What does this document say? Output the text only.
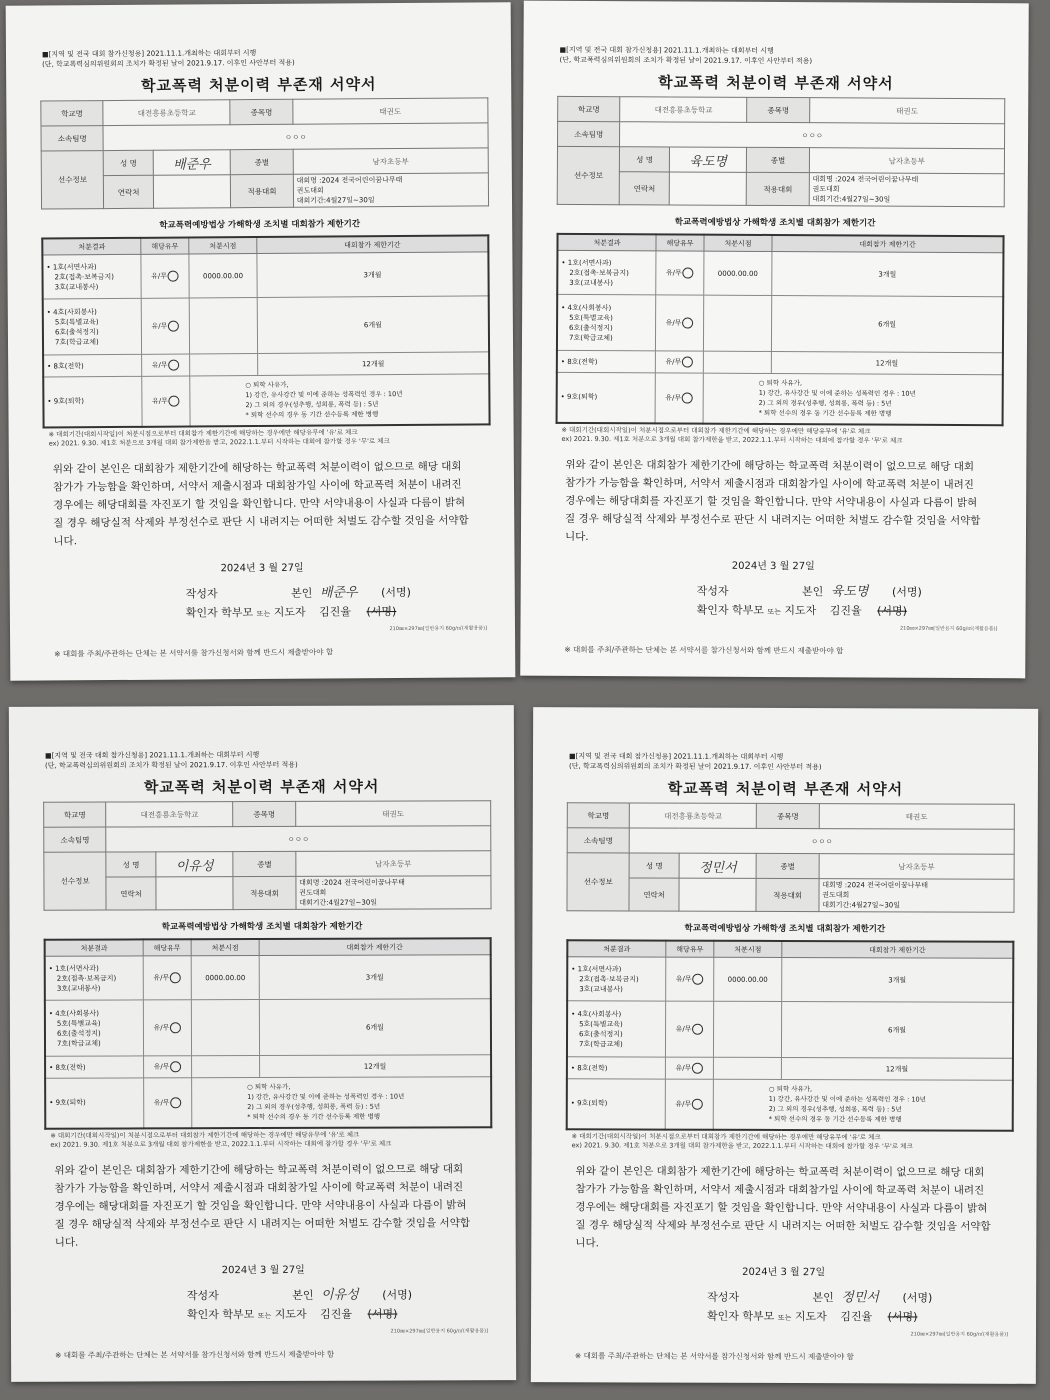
■[지역 및 전국 대회 참가신청용] 2021.11.1.개최하는 대회부터 시행
(단, 학교폭력심의위원회의 조치가 확정된 날이 2021.9.17. 이후인 사안부터 적용)
학교폭력 처분이력 부존재 서약서
학교명	대전흥룡초등학교		종목명	태권도
소속팀명	ㅇㅇㅇ			
선수정보	성 명	배준우	종별	남자초등부
	연락처		적용대회	대회명 :2024 전국어린이꿈나무태
권도대회
대회기간:4월27일~30일
학교폭력예방법상 가해학생 조치별 대회참가 제한기간
처분결과	해당유무	처분시점	대회참가 제한기간

• 1호(서면사과)
2호(접촉·보복금지)
3호(교내봉사)	유/무	0000.00.00	3개월

• 4호(사회봉사)
5호(특별교육)
6호(출석정지)
7호(학급교체)	유/무		6개월
• 8호(전학)	유/무		12개월
• 9호(퇴학)	유/무	○ 퇴학 사유가,
1) 강간, 유사강간 및 이에 준하는 성폭력인 경우 : 10년
2) 그 외의 경우(성추행, 성희롱, 폭력 등) : 5년
* 퇴학 선수의 경우 동 기간 선수등록 제한 병행	
※ 대회기간(대회시작일)이 처분시점으로부터 대회참가 제한기간에 해당하는 경우에만 해당유무에 '유'로 체크
ex) 2021. 9.30. 제1호 처분으로 3개월 대회 참가제한을 받고, 2022.1.1.부터 시작하는 대회에 참가할 경우 '무'로 체크
위와 같이 본인은 대회참가 제한기간에 해당하는 학교폭력 처분이력이 없으므로 해당 대회 참가가 가능함을 확인하며, 서약서 제출시점과 대회참가일 사이에 학교폭력 처분이 내려진 경우에는 해당대회를 자진포기 할 것임을 확인합니다. 만약 서약내용이 사실과 다름이 밝혀질 경우 해당실적 삭제와 부정선수로 판단 시 내려지는 어떠한 처벌도 감수할 것임을 서약합니다.
2024년 3 월 27일
작성자	본인 배준우 (서명)
확인자 학부모 또는 지도자 김진율 (서명)
210㎜×297㎜[일반용지 60g/㎡(재활용품)]
※ 대회를 주최/주관하는 단체는 본 서약서를 참가신청서와 함께 반드시 제출받아야 함
■[지역 및 전국 대회 참가신청용] 2021.11.1.개최하는 대회부터 시행
(단, 학교폭력심의위원회의 조치가 확정된 날이 2021.9.17. 이후인 사안부터 적용)
학교폭력 처분이력 부존재 서약서
학교명	대전흥룡초등학교		종목명	태권도
소속팀명	ㅇㅇㅇ			
선수정보	성 명	육도명	종별	남자초등부
	연락처		적용대회	대회명 :2024 전국어린이꿈나무태
권도대회
대회기간:4월27일~30일
학교폭력예방법상 가해학생 조치별 대회참가 제한기간
처분결과	해당유무	처분시점	대회참가 제한기간

• 1호(서면사과)
2호(접촉·보복금지)
3호(교내봉사)	유/무	0000.00.00	3개월

• 4호(사회봉사)
5호(특별교육)
6호(출석정지)
7호(학급교체)	유/무		6개월
• 8호(전학)	유/무		12개월
• 9호(퇴학)	유/무	○ 퇴학 사유가,
1) 강간, 유사강간 및 이에 준하는 성폭력인 경우 : 10년
2) 그 외의 경우(성추행, 성희롱, 폭력 등) : 5년
* 퇴학 선수의 경우 동 기간 선수등록 제한 병행	
※ 대회기간(대회시작일)이 처분시점으로부터 대회참가 제한기간에 해당하는 경우에만 해당유무에 '유'로 체크
ex) 2021. 9.30. 제1호 처분으로 3개월 대회 참가제한을 받고, 2022.1.1.부터 시작하는 대회에 참가할 경우 '무'로 체크
위와 같이 본인은 대회참가 제한기간에 해당하는 학교폭력 처분이력이 없으므로 해당 대회 참가가 가능함을 확인하며, 서약서 제출시점과 대회참가일 사이에 학교폭력 처분이 내려진 경우에는 해당대회를 자진포기 할 것임을 확인합니다. 만약 서약내용이 사실과 다름이 밝혀질 경우 해당실적 삭제와 부정선수로 판단 시 내려지는 어떠한 처벌도 감수할 것임을 서약합니다.
2024년 3 월 27일
작성자	본인 육도명 (서명)
확인자 학부모 또는 지도자 김진율 (서명)
210㎜×297㎜[일반용지 60g/㎡(재활용품)]
※ 대회를 주최/주관하는 단체는 본 서약서를 참가신청서와 함께 반드시 제출받아야 함
■[지역 및 전국 대회 참가신청용] 2021.11.1.개최하는 대회부터 시행
(단, 학교폭력심의위원회의 조치가 확정된 날이 2021.9.17. 이후인 사안부터 적용)
학교폭력 처분이력 부존재 서약서
학교명	대전흥룡초등학교		종목명	태권도
소속팀명	ㅇㅇㅇ			
선수정보	성 명	이유성	종별	남자초등부
	연락처		적용대회	대회명 :2024 전국어린이꿈나무태
권도대회
대회기간:4월27일~30일
학교폭력예방법상 가해학생 조치별 대회참가 제한기간
처분결과	해당유무	처분시점	대회참가 제한기간

• 1호(서면사과)
2호(접촉·보복금지)
3호(교내봉사)	유/무	0000.00.00	3개월

• 4호(사회봉사)
5호(특별교육)
6호(출석정지)
7호(학급교체)	유/무		6개월
• 8호(전학)	유/무		12개월
• 9호(퇴학)	유/무	○ 퇴학 사유가,
1) 강간, 유사강간 및 이에 준하는 성폭력인 경우 : 10년
2) 그 외의 경우(성추행, 성희롱, 폭력 등) : 5년
* 퇴학 선수의 경우 동 기간 선수등록 제한 병행	
※ 대회기간(대회시작일)이 처분시점으로부터 대회참가 제한기간에 해당하는 경우에만 해당유무에 '유'로 체크
ex) 2021. 9.30. 제1호 처분으로 3개월 대회 참가제한을 받고, 2022.1.1.부터 시작하는 대회에 참가할 경우 '무'로 체크
위와 같이 본인은 대회참가 제한기간에 해당하는 학교폭력 처분이력이 없으므로 해당 대회 참가가 가능함을 확인하며, 서약서 제출시점과 대회참가일 사이에 학교폭력 처분이 내려진 경우에는 해당대회를 자진포기 할 것임을 확인합니다. 만약 서약내용이 사실과 다름이 밝혀질 경우 해당실적 삭제와 부정선수로 판단 시 내려지는 어떠한 처벌도 감수할 것임을 서약합니다.
2024년 3 월 27일
작성자	본인 이유성 (서명)
확인자 학부모 또는 지도자 김진율 (서명)
210㎜×297㎜[일반용지 60g/㎡(재활용품)]
※ 대회를 주최/주관하는 단체는 본 서약서를 참가신청서와 함께 반드시 제출받아야 함
■[지역 및 전국 대회 참가신청용] 2021.11.1.개최하는 대회부터 시행
(단, 학교폭력심의위원회의 조치가 확정된 날이 2021.9.17. 이후인 사안부터 적용)
학교폭력 처분이력 부존재 서약서
학교명	대전흥룡초등학교		종목명	태권도
소속팀명	ㅇㅇㅇ			
선수정보	성 명	정민서	종별	남자초등부
	연락처		적용대회	대회명 :2024 전국어린이꿈나무태
권도대회
대회기간:4월27일~30일
학교폭력예방법상 가해학생 조치별 대회참가 제한기간
처분결과	해당유무	처분시점	대회참가 제한기간

• 1호(서면사과)
2호(접촉·보복금지)
3호(교내봉사)	유/무	0000.00.00	3개월

• 4호(사회봉사)
5호(특별교육)
6호(출석정지)
7호(학급교체)	유/무		6개월
• 8호(전학)	유/무		12개월
• 9호(퇴학)	유/무	○ 퇴학 사유가,
1) 강간, 유사강간 및 이에 준하는 성폭력인 경우 : 10년
2) 그 외의 경우(성추행, 성희롱, 폭력 등) : 5년
* 퇴학 선수의 경우 동 기간 선수등록 제한 병행	
※ 대회기간(대회시작일)이 처분시점으로부터 대회참가 제한기간에 해당하는 경우에만 해당유무에 '유'로 체크
ex) 2021. 9.30. 제1호 처분으로 3개월 대회 참가제한을 받고, 2022.1.1.부터 시작하는 대회에 참가할 경우 '무'로 체크
위와 같이 본인은 대회참가 제한기간에 해당하는 학교폭력 처분이력이 없으므로 해당 대회 참가가 가능함을 확인하며, 서약서 제출시점과 대회참가일 사이에 학교폭력 처분이 내려진 경우에는 해당대회를 자진포기 할 것임을 확인합니다. 만약 서약내용이 사실과 다름이 밝혀질 경우 해당실적 삭제와 부정선수로 판단 시 내려지는 어떠한 처벌도 감수할 것임을 서약합니다.
2024년 3 월 27일
작성자	본인 정민서 (서명)
확인자 학부모 또는 지도자 김진율 (서명)
210㎜×297㎜[일반용지 60g/㎡(재활용품)]
※ 대회를 주최/주관하는 단체는 본 서약서를 참가신청서와 함께 반드시 제출받아야 함
